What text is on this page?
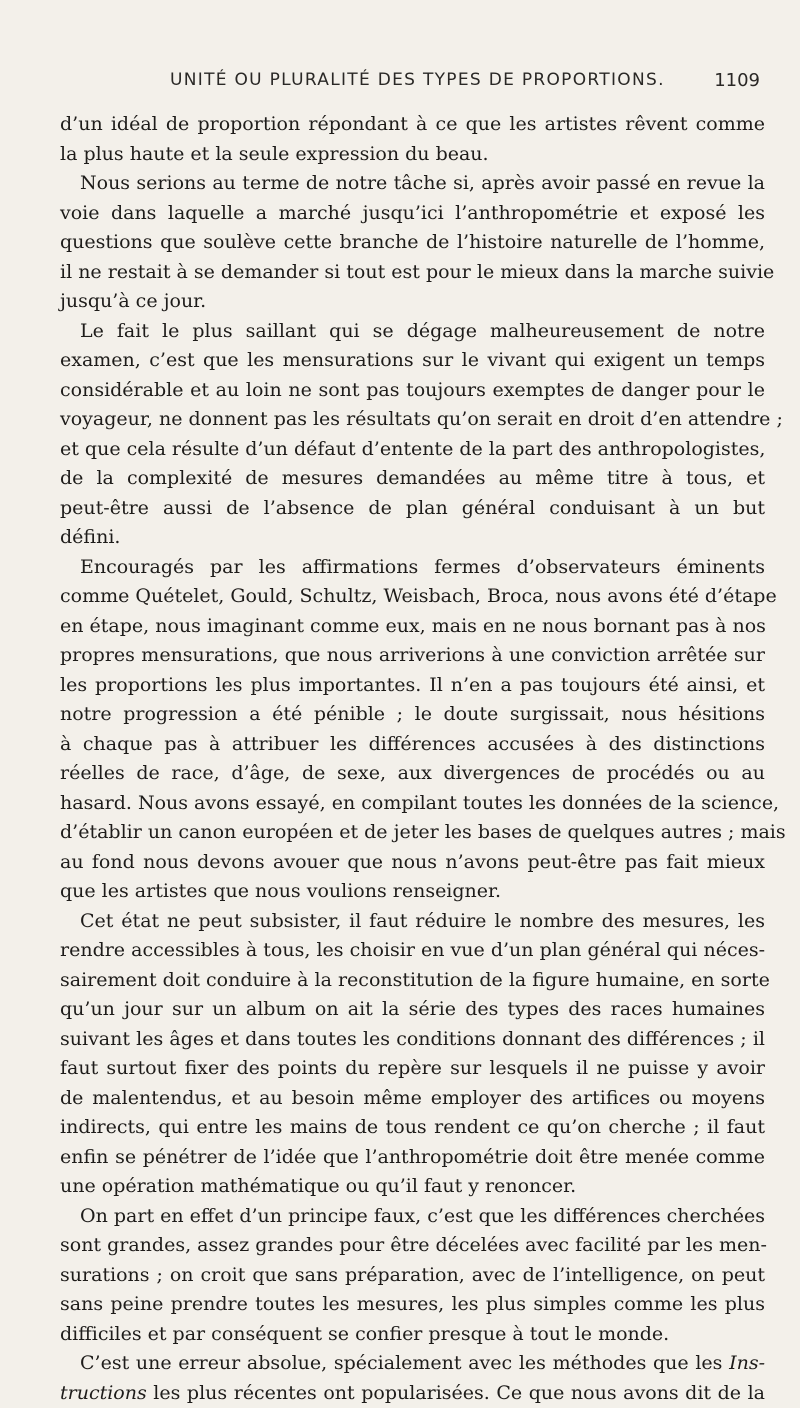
UNITÉ OU PLURALITÉ DES TYPES DE PROPORTIONS.	1109
d’un idéal de proportion répondant à ce que les artistes rêvent comme
la plus haute et la seule expression du beau.
Nous serions au terme de notre tâche si, après avoir passé en revue la
voie dans laquelle a marché jusqu’ici l’anthropométrie et exposé les
questions que soulève cette branche de l’histoire naturelle de l’homme,
il ne restait à se demander si tout est pour le mieux dans la marche suivie
jusqu’à ce jour.
Le fait le plus saillant qui se dégage malheureusement de notre
examen, c’est que les mensurations sur le vivant qui exigent un temps
considérable et au loin ne sont pas toujours exemptes de danger pour le
voyageur, ne donnent pas les résultats qu’on serait en droit d’en attendre ;
et que cela résulte d’un défaut d’entente de la part des anthropologistes,
de la complexité de mesures demandées au même titre à tous, et
peut-être aussi de l’absence de plan général conduisant à un but
défini.
Encouragés par les affirmations fermes d’observateurs éminents
comme Quételet, Gould, Schultz, Weisbach, Broca, nous avons été d’étape
en étape, nous imaginant comme eux, mais en ne nous bornant pas à nos
propres mensurations, que nous arriverions à une conviction arrêtée sur
les proportions les plus importantes. Il n’en a pas toujours été ainsi, et
notre progression a été pénible ; le doute surgissait, nous hésitions
à chaque pas à attribuer les différences accusées à des distinctions
réelles de race, d’âge, de sexe, aux divergences de procédés ou au
hasard. Nous avons essayé, en compilant toutes les données de la science,
d’établir un canon européen et de jeter les bases de quelques autres ; mais
au fond nous devons avouer que nous n’avons peut-être pas fait mieux
que les artistes que nous voulions renseigner.
Cet état ne peut subsister, il faut réduire le nombre des mesures, les
rendre accessibles à tous, les choisir en vue d’un plan général qui néces-
sairement doit conduire à la reconstitution de la figure humaine, en sorte
qu’un jour sur un album on ait la série des types des races humaines
suivant les âges et dans toutes les conditions donnant des différences ; il
faut surtout fixer des points du repère sur lesquels il ne puisse y avoir
de malentendus, et au besoin même employer des artifices ou moyens
indirects, qui entre les mains de tous rendent ce qu’on cherche ; il faut
enfin se pénétrer de l’idée que l’anthropométrie doit être menée comme
une opération mathématique ou qu’il faut y renoncer.
On part en effet d’un principe faux, c’est que les différences cherchées
sont grandes, assez grandes pour être décelées avec facilité par les men-
surations ; on croit que sans préparation, avec de l’intelligence, on peut
sans peine prendre toutes les mesures, les plus simples comme les plus
difficiles et par conséquent se confier presque à tout le monde.
C’est une erreur absolue, spécialement avec les méthodes que les Ins-
tructions les plus récentes ont popularisées. Ce que nous avons dit de la
